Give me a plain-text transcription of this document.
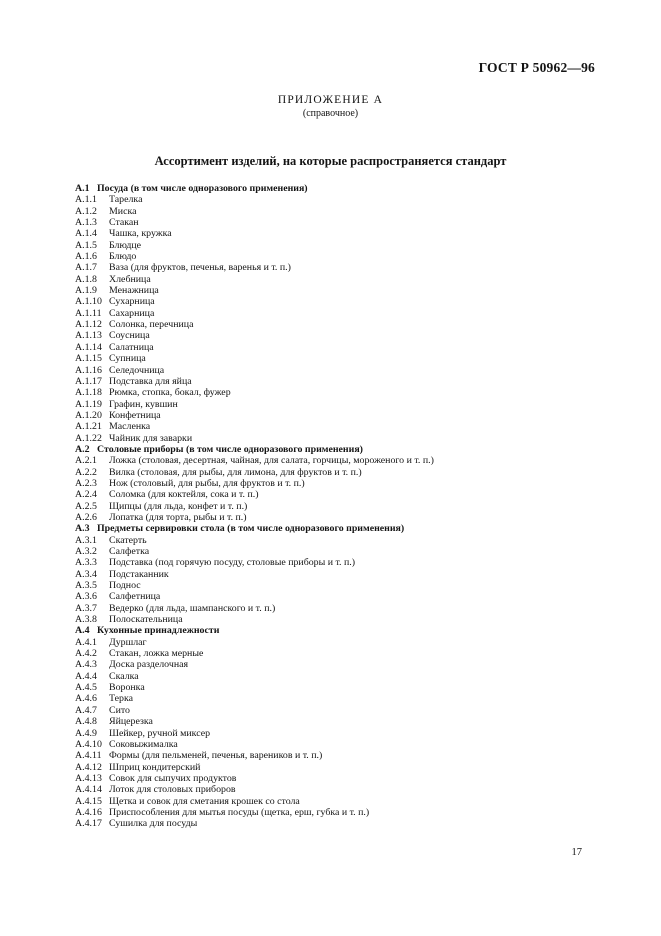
ГОСТ Р 50962—96
ПРИЛОЖЕНИЕ А
(справочное)
Ассортимент изделий, на которые распространяется стандарт
А.1 Посуда (в том числе одноразового применения)
А.1.1 Тарелка
А.1.2 Миска
А.1.3 Стакан
А.1.4 Чашка, кружка
А.1.5 Блюдце
А.1.6 Блюдо
А.1.7 Ваза (для фруктов, печенья, варенья и т. п.)
А.1.8 Хлебница
А.1.9 Менажница
А.1.10 Сухарница
А.1.11 Сахарница
А.1.12 Солонка, перечница
А.1.13 Соусница
А.1.14 Салатница
А.1.15 Супница
А.1.16 Селедочница
А.1.17 Подставка для яйца
А.1.18 Рюмка, стопка, бокал, фужер
А.1.19 Графин, кувшин
А.1.20 Конфетница
А.1.21 Масленка
А.1.22 Чайник для заварки
А.2 Столовые приборы (в том числе одноразового применения)
А.2.1 Ложка (столовая, десертная, чайная, для салата, горчицы, мороженого и т. п.)
А.2.2 Вилка (столовая, для рыбы, для лимона, для фруктов и т. п.)
А.2.3 Нож (столовый, для рыбы, для фруктов и т. п.)
А.2.4 Соломка (для коктейля, сока и т. п.)
А.2.5 Щипцы (для льда, конфет и т. п.)
А.2.6 Лопатка (для торта, рыбы и т. п.)
А.3 Предметы сервировки стола (в том числе одноразового применения)
А.3.1 Скатерть
А.3.2 Салфетка
А.3.3 Подставка (под горячую посуду, столовые приборы и т. п.)
А.3.4 Подстаканник
А.3.5 Поднос
А.3.6 Салфетница
А.3.7 Ведерко (для льда, шампанского и т. п.)
А.3.8 Полоскательница
А.4 Кухонные принадлежности
А.4.1 Дуршлаг
А.4.2 Стакан, ложка мерные
А.4.3 Доска разделочная
А.4.4 Скалка
А.4.5 Воронка
А.4.6 Терка
А.4.7 Сито
А.4.8 Яйцерезка
А.4.9 Шейкер, ручной миксер
А.4.10 Соковыжималка
А.4.11 Формы (для пельменей, печенья, вареников и т. п.)
А.4.12 Шприц кондитерский
А.4.13 Совок для сыпучих продуктов
А.4.14 Лоток для столовых приборов
А.4.15 Щетка и совок для сметания крошек со стола
А.4.16 Приспособления для мытья посуды (щетка, ерш, губка и т. п.)
А.4.17 Сушилка для посуды
17
